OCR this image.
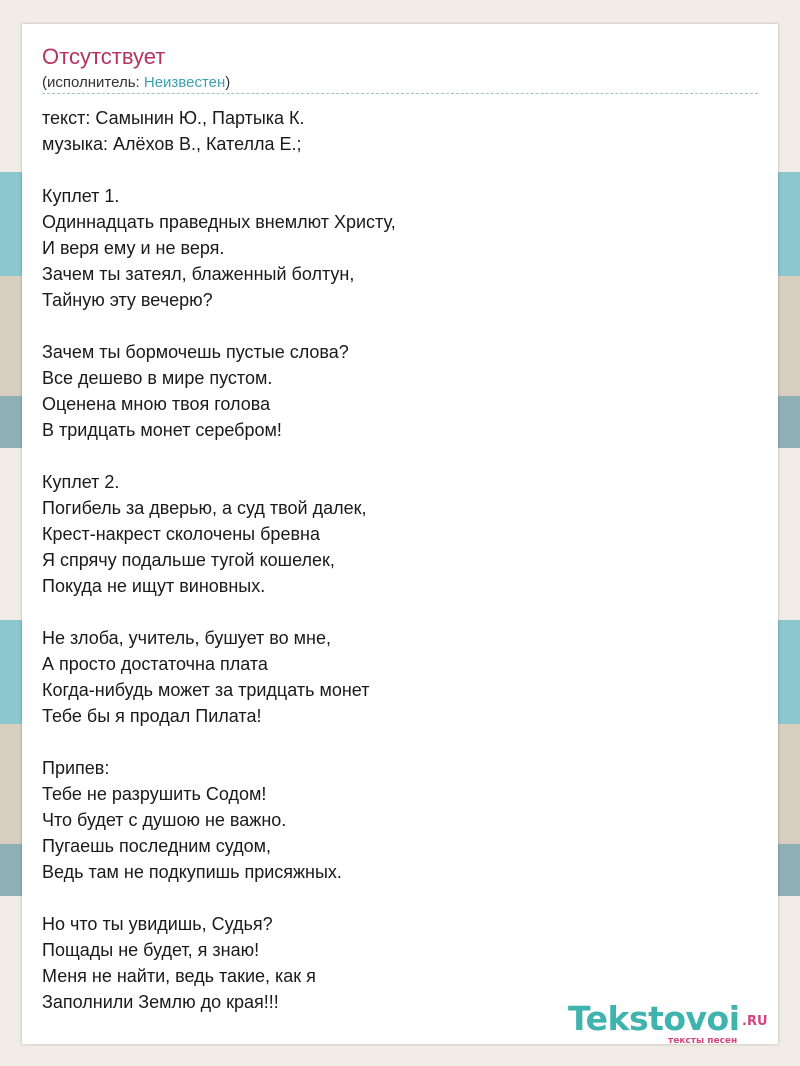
Отсутствует
(исполнитель: Неизвестен)
текст: Самынин Ю., Партыка К.
музыка: Алёхов В., Кателла Е.;
Куплет 1.
Одиннадцать праведных внемлют Христу,
И веря ему и не веря.
Зачем ты затеял, блаженный болтун,
Тайную эту вечерю?
Зачем ты бормочешь пустые слова?
Все дешево в мире пустом.
Оценена мною твоя голова
В тридцать монет серебром!
Куплет 2.
Погибель за дверью, а суд твой далек,
Крест-накрест сколочены бревна
Я спрячу подальше тугой кошелек,
Покуда не ищут виновных.
Не злоба, учитель, бушует во мне,
А просто достаточна плата
Когда-нибудь может за тридцать монет
Тебе бы я продал Пилата!
Припев:
Тебе не разрушить Содом!
Что будет с душою не важно.
Пугаешь последним судом,
Ведь там не подкупишь присяжных.
Но что ты увидишь, Судья?
Пощады не будет, я знаю!
Меня не найти, ведь такие, как я
Заполнили Землю до края!!!	Tekstovoi .RU
тексты песен
